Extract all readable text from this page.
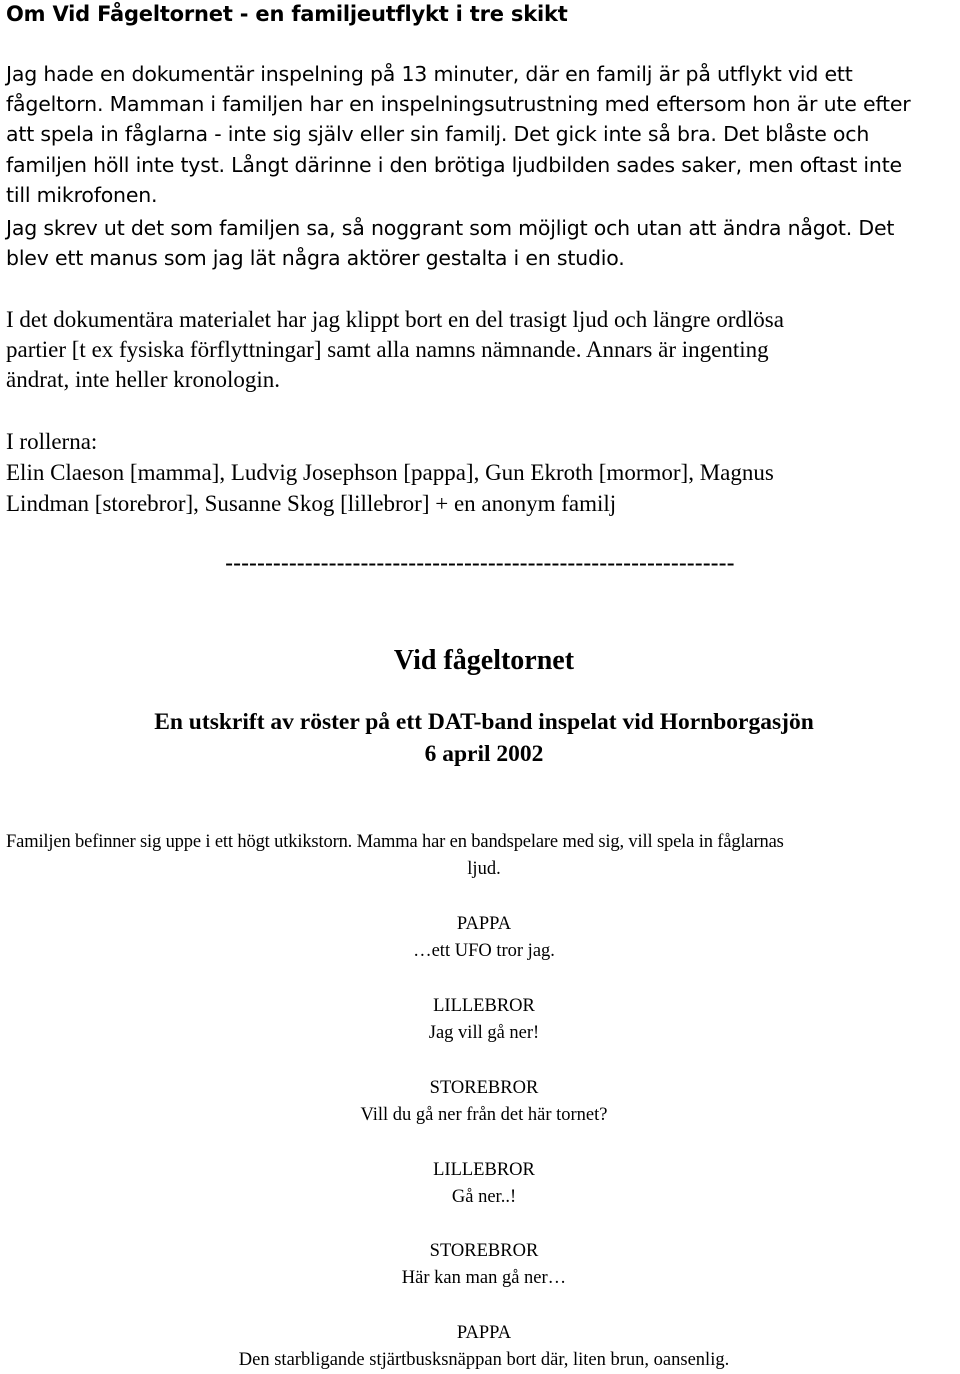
Om Vid Fågeltornet - en familjeutflykt i tre skikt
Jag hade en dokumentär inspelning på 13 minuter, där en familj är på utflykt vid ett
fågeltorn. Mamman i familjen har en inspelningsutrustning med eftersom hon är ute efter
att spela in fåglarna - inte sig själv eller sin familj. Det gick inte så bra. Det blåste och
familjen höll inte tyst. Långt därinne i den brötiga ljudbilden sades saker, men oftast inte
till mikrofonen.
Jag skrev ut det som familjen sa, så noggrant som möjligt och utan att ändra något. Det
blev ett manus som jag lät några aktörer gestalta i en studio.
I det dokumentära materialet har jag klippt bort en del trasigt ljud och längre ordlösa
partier [t ex fysiska förflyttningar] samt alla namns nämnande. Annars är ingenting
ändrat, inte heller kronologin.
I rollerna:
Elin Claeson [mamma], Ludvig Josephson [pappa], Gun Ekroth [mormor], Magnus
Lindman [storebror], Susanne Skog [lillebror] + en anonym familj
----------------------------------------------------------------
Vid fågeltornet
En utskrift av röster på ett DAT-band inspelat vid Hornborgasjön
6 april 2002
Familjen befinner sig uppe i ett högt utkikstorn. Mamma har en bandspelare med sig, vill spela in fåglarnas
ljud.
PAPPA
…ett UFO tror jag.
LILLEBROR
Jag vill gå ner!
STOREBROR
Vill du gå ner från det här tornet?
LILLEBROR
Gå ner..!
STOREBROR
Här kan man gå ner…
PAPPA
Den starbligande stjärtbusksnäppan bort där, liten brun, oansenlig.
